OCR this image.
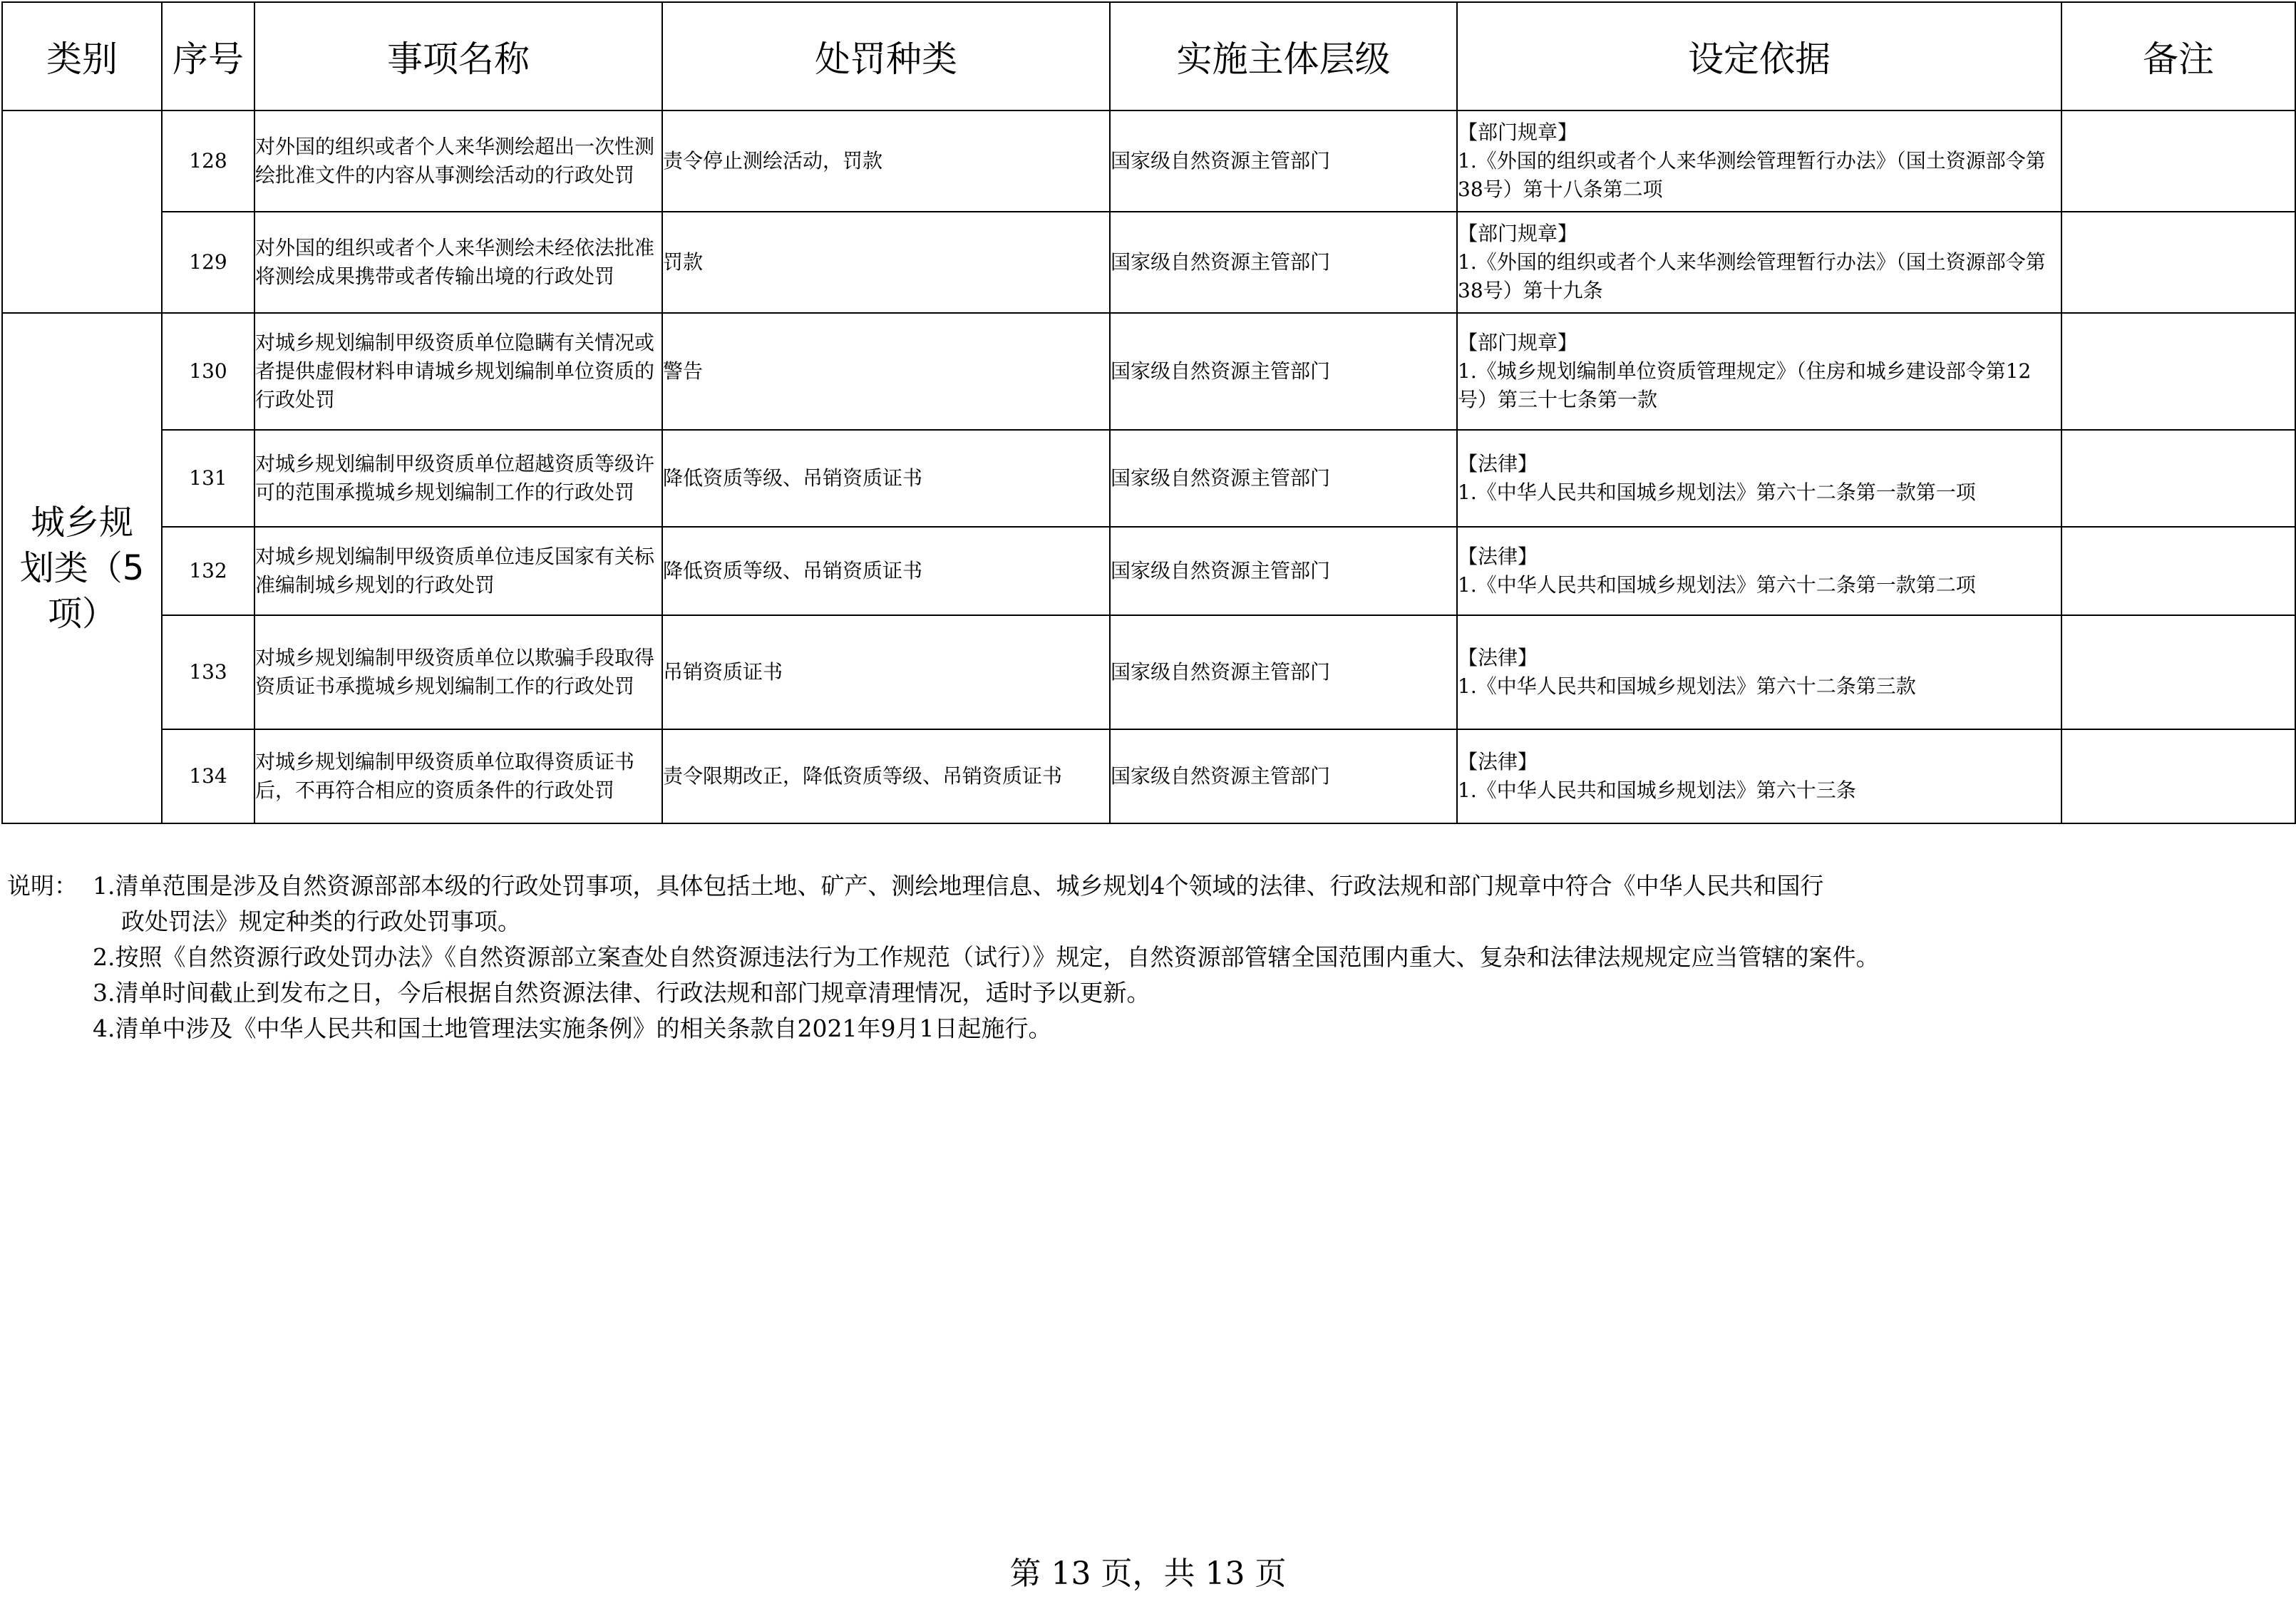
类别	序号	事项名称	处罚种类	实施主体层级	设定依据	备注
	128	对外国的组织或者个人来华测绘超出一次性测绘批准文件的内容从事测绘活动的行政处罚	责令停止测绘活动，罚款	国家级自然资源主管部门	【部门规章】
1.《外国的组织或者个人来华测绘管理暂行办法》（国土资源部令第38号）第十八条第二项	

	129	对外国的组织或者个人来华测绘未经依法批准将测绘成果携带或者传输出境的行政处罚	罚款	国家级自然资源主管部门	【部门规章】
1.《外国的组织或者个人来华测绘管理暂行办法》（国土资源部令第38号）第十九条	

城乡规划类（5项）	130	对城乡规划编制甲级资质单位隐瞒有关情况或者提供虚假材料申请城乡规划编制单位资质的行政处罚	警告	国家级自然资源主管部门	【部门规章】
1.《城乡规划编制单位资质管理规定》（住房和城乡建设部令第12号）第三十七条第一款	

	131	对城乡规划编制甲级资质单位超越资质等级许可的范围承揽城乡规划编制工作的行政处罚	降低资质等级、吊销资质证书	国家级自然资源主管部门	【法律】
1.《中华人民共和国城乡规划法》第六十二条第一款第一项	

	132	对城乡规划编制甲级资质单位违反国家有关标准编制城乡规划的行政处罚	降低资质等级、吊销资质证书	国家级自然资源主管部门	【法律】
1.《中华人民共和国城乡规划法》第六十二条第一款第二项	

	133	对城乡规划编制甲级资质单位以欺骗手段取得资质证书承揽城乡规划编制工作的行政处罚	吊销资质证书	国家级自然资源主管部门	【法律】
1.《中华人民共和国城乡规划法》第六十二条第三款	

	134	对城乡规划编制甲级资质单位取得资质证书后，不再符合相应的资质条件的行政处罚	责令限期改正，降低资质等级、吊销资质证书	国家级自然资源主管部门	【法律】
1.《中华人民共和国城乡规划法》第六十三条	

说明： 1.清单范围是涉及自然资源部部本级的行政处罚事项，具体包括土地、矿产、测绘地理信息、城乡规划4个领域的法律、行政法规和部门规章中符合《中华人民共和国行
政处罚法》规定种类的行政处罚事项。
2.按照《自然资源行政处罚办法》《自然资源部立案查处自然资源违法行为工作规范（试行）》规定，自然资源部管辖全国范围内重大、复杂和法律法规规定应当管辖的案件。
3.清单时间截止到发布之日，今后根据自然资源法律、行政法规和部门规章清理情况，适时予以更新。
4.清单中涉及《中华人民共和国土地管理法实施条例》的相关条款自2021年9月1日起施行。
第 13 页，共 13 页
